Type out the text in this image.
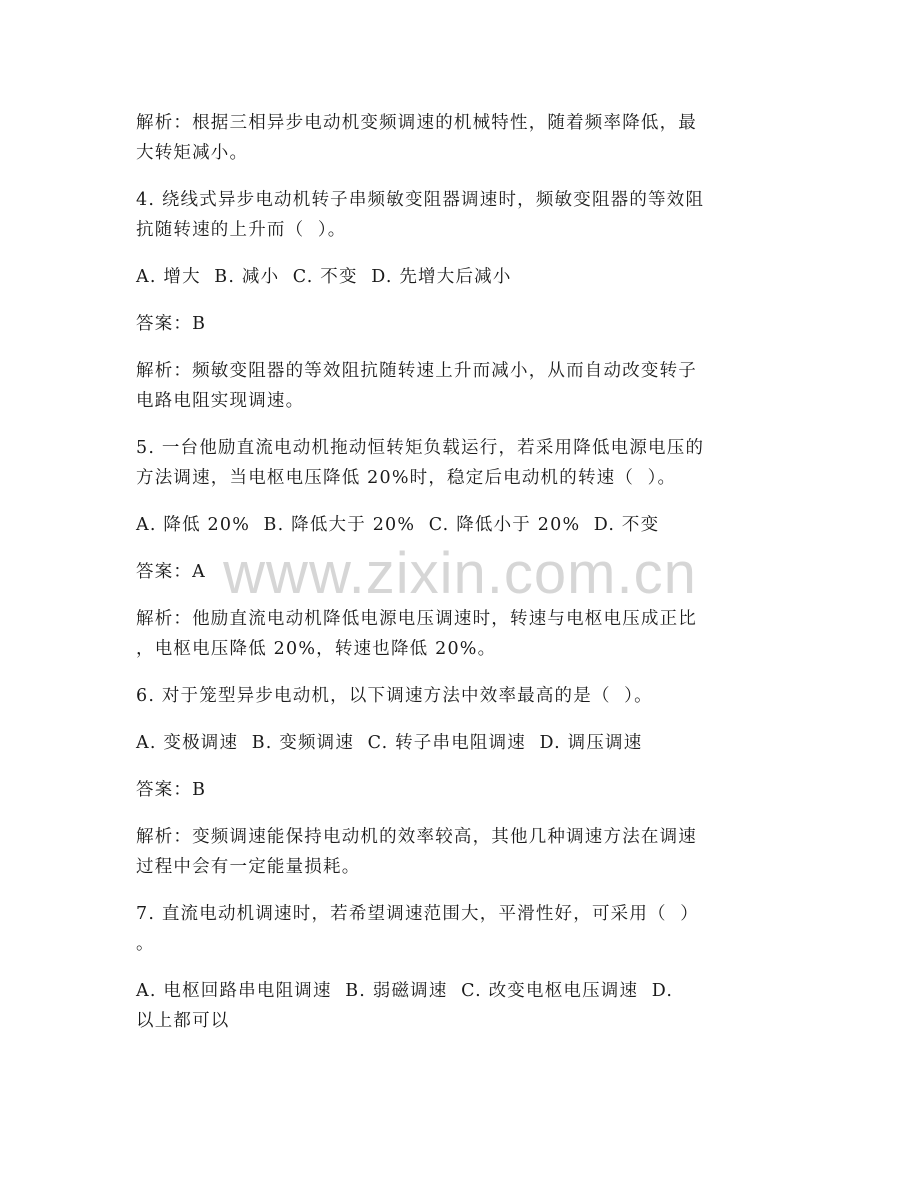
解析：根据三相异步电动机变频调速的机械特性，随着频率降低，最

大转矩减小。

4. 绕线式异步电动机转子串频敏变阻器调速时，频敏变阻器的等效阻

抗随转速的上升而（  ）。

A. 增大  B. 减小  C. 不变  D. 先增大后减小

答案：B

解析：频敏变阻器的等效阻抗随转速上升而减小，从而自动改变转子

电路电阻实现调速。

5. 一台他励直流电动机拖动恒转矩负载运行，若采用降低电源电压的

方法调速，当电枢电压降低 20%时，稳定后电动机的转速（  ）。

A. 降低 20%  B. 降低大于 20%  C. 降低小于 20%  D. 不变

答案：A

解析：他励直流电动机降低电源电压调速时，转速与电枢电压成正比

，电枢电压降低 20%，转速也降低 20%。

6. 对于笼型异步电动机，以下调速方法中效率最高的是（  ）。

A. 变极调速  B. 变频调速  C. 转子串电阻调速  D. 调压调速

答案：B

解析：变频调速能保持电动机的效率较高，其他几种调速方法在调速

过程中会有一定能量损耗。

7. 直流电动机调速时，若希望调速范围大，平滑性好，可采用（  ）

。

A. 电枢回路串电阻调速  B. 弱磁调速  C. 改变电枢电压调速  D.

以上都可以

www.zixin.com.cn
